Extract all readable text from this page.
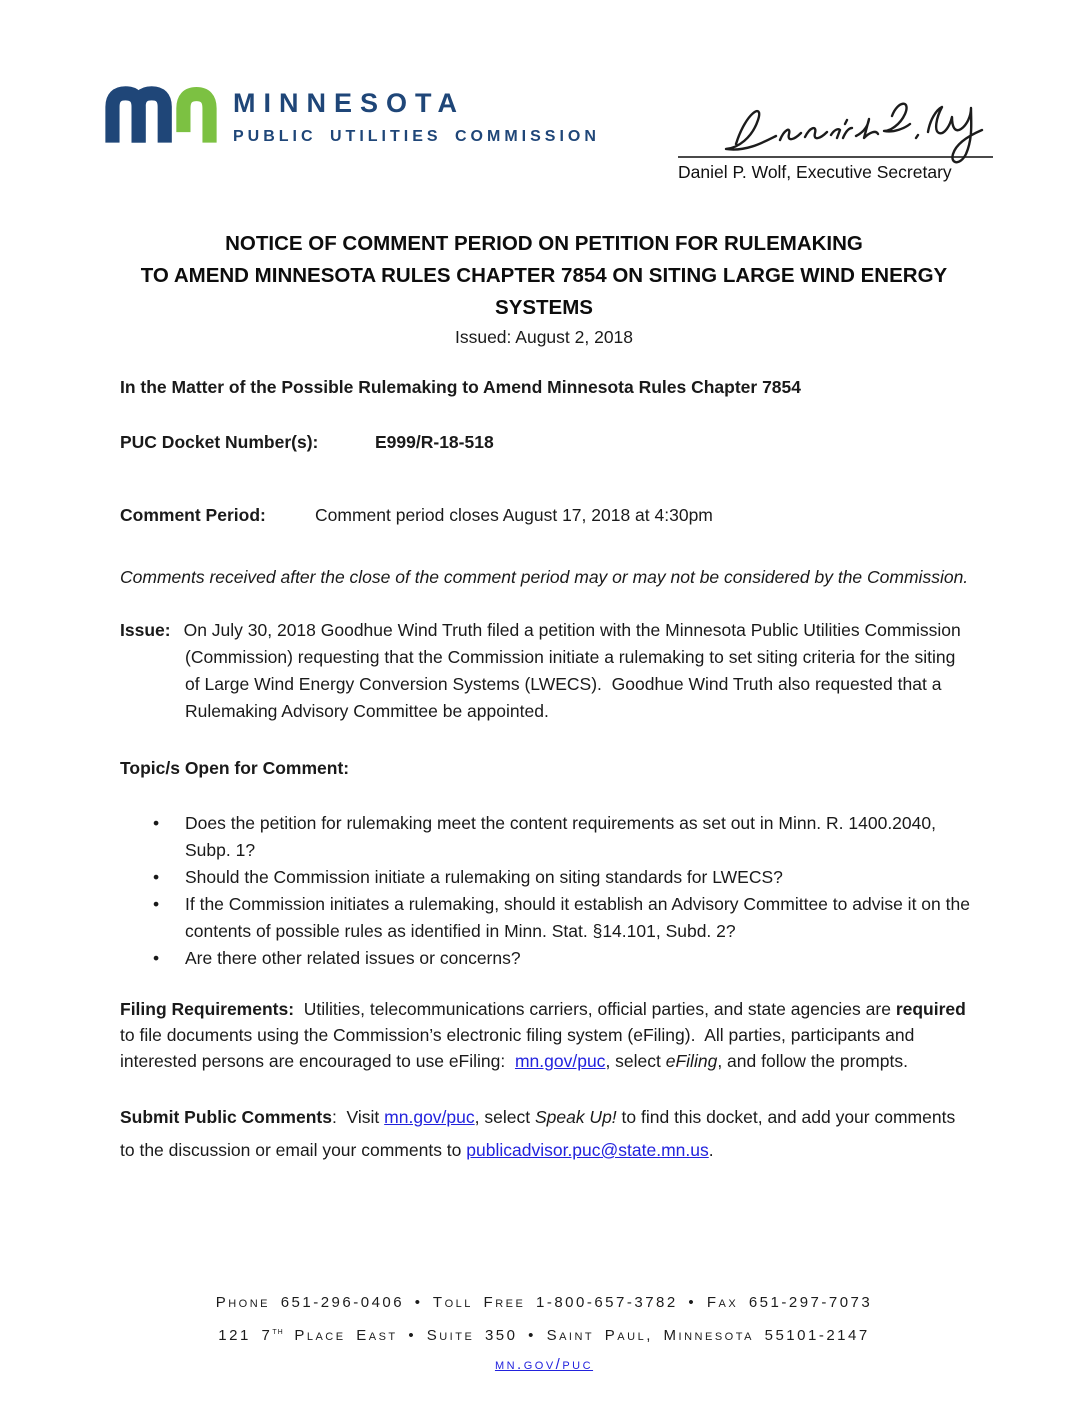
MINNESOTA
PUBLIC UTILITIES COMMISSION
Daniel P. Wolf, Executive Secretary
NOTICE OF COMMENT PERIOD ON PETITION FOR RULEMAKING
TO AMEND MINNESOTA RULES CHAPTER 7854 ON SITING LARGE WIND ENERGY
SYSTEMS
Issued: August 2, 2018
In the Matter of the Possible Rulemaking to Amend Minnesota Rules Chapter 7854
PUC Docket Number(s):	E999/R-18-518
Comment Period:	Comment period closes August 17, 2018 at 4:30pm
Comments received after the close of the comment period may or may not be considered by the Commission.
Issue: On July 30, 2018 Goodhue Wind Truth filed a petition with the Minnesota Public Utilities Commission (Commission) requesting that the Commission initiate a rulemaking to set siting criteria for the siting of Large Wind Energy Conversion Systems (LWECS).  Goodhue Wind Truth also requested that a Rulemaking Advisory Committee be appointed.
Topic/s Open for Comment:
• Does the petition for rulemaking meet the content requirements as set out in Minn. R. 1400.2040, Subp. 1?
• Should the Commission initiate a rulemaking on siting standards for LWECS?
• If the Commission initiates a rulemaking, should it establish an Advisory Committee to advise it on the contents of possible rules as identified in Minn. Stat. §14.101, Subd. 2?
• Are there other related issues or concerns?
Filing Requirements:  Utilities, telecommunications carriers, official parties, and state agencies are required to file documents using the Commission’s electronic filing system (eFiling).  All parties, participants and interested persons are encouraged to use eFiling:  mn.gov/puc, select eFiling, and follow the prompts.
Submit Public Comments:  Visit mn.gov/puc, select Speak Up! to find this docket, and add your comments to the discussion or email your comments to publicadvisor.puc@state.mn.us.
Phone 651-296-0406 • Toll Free 1-800-657-3782 • Fax 651-297-7073
121 7th Place East • Suite 350 • Saint Paul, Minnesota 55101-2147
mn.gov/puc
